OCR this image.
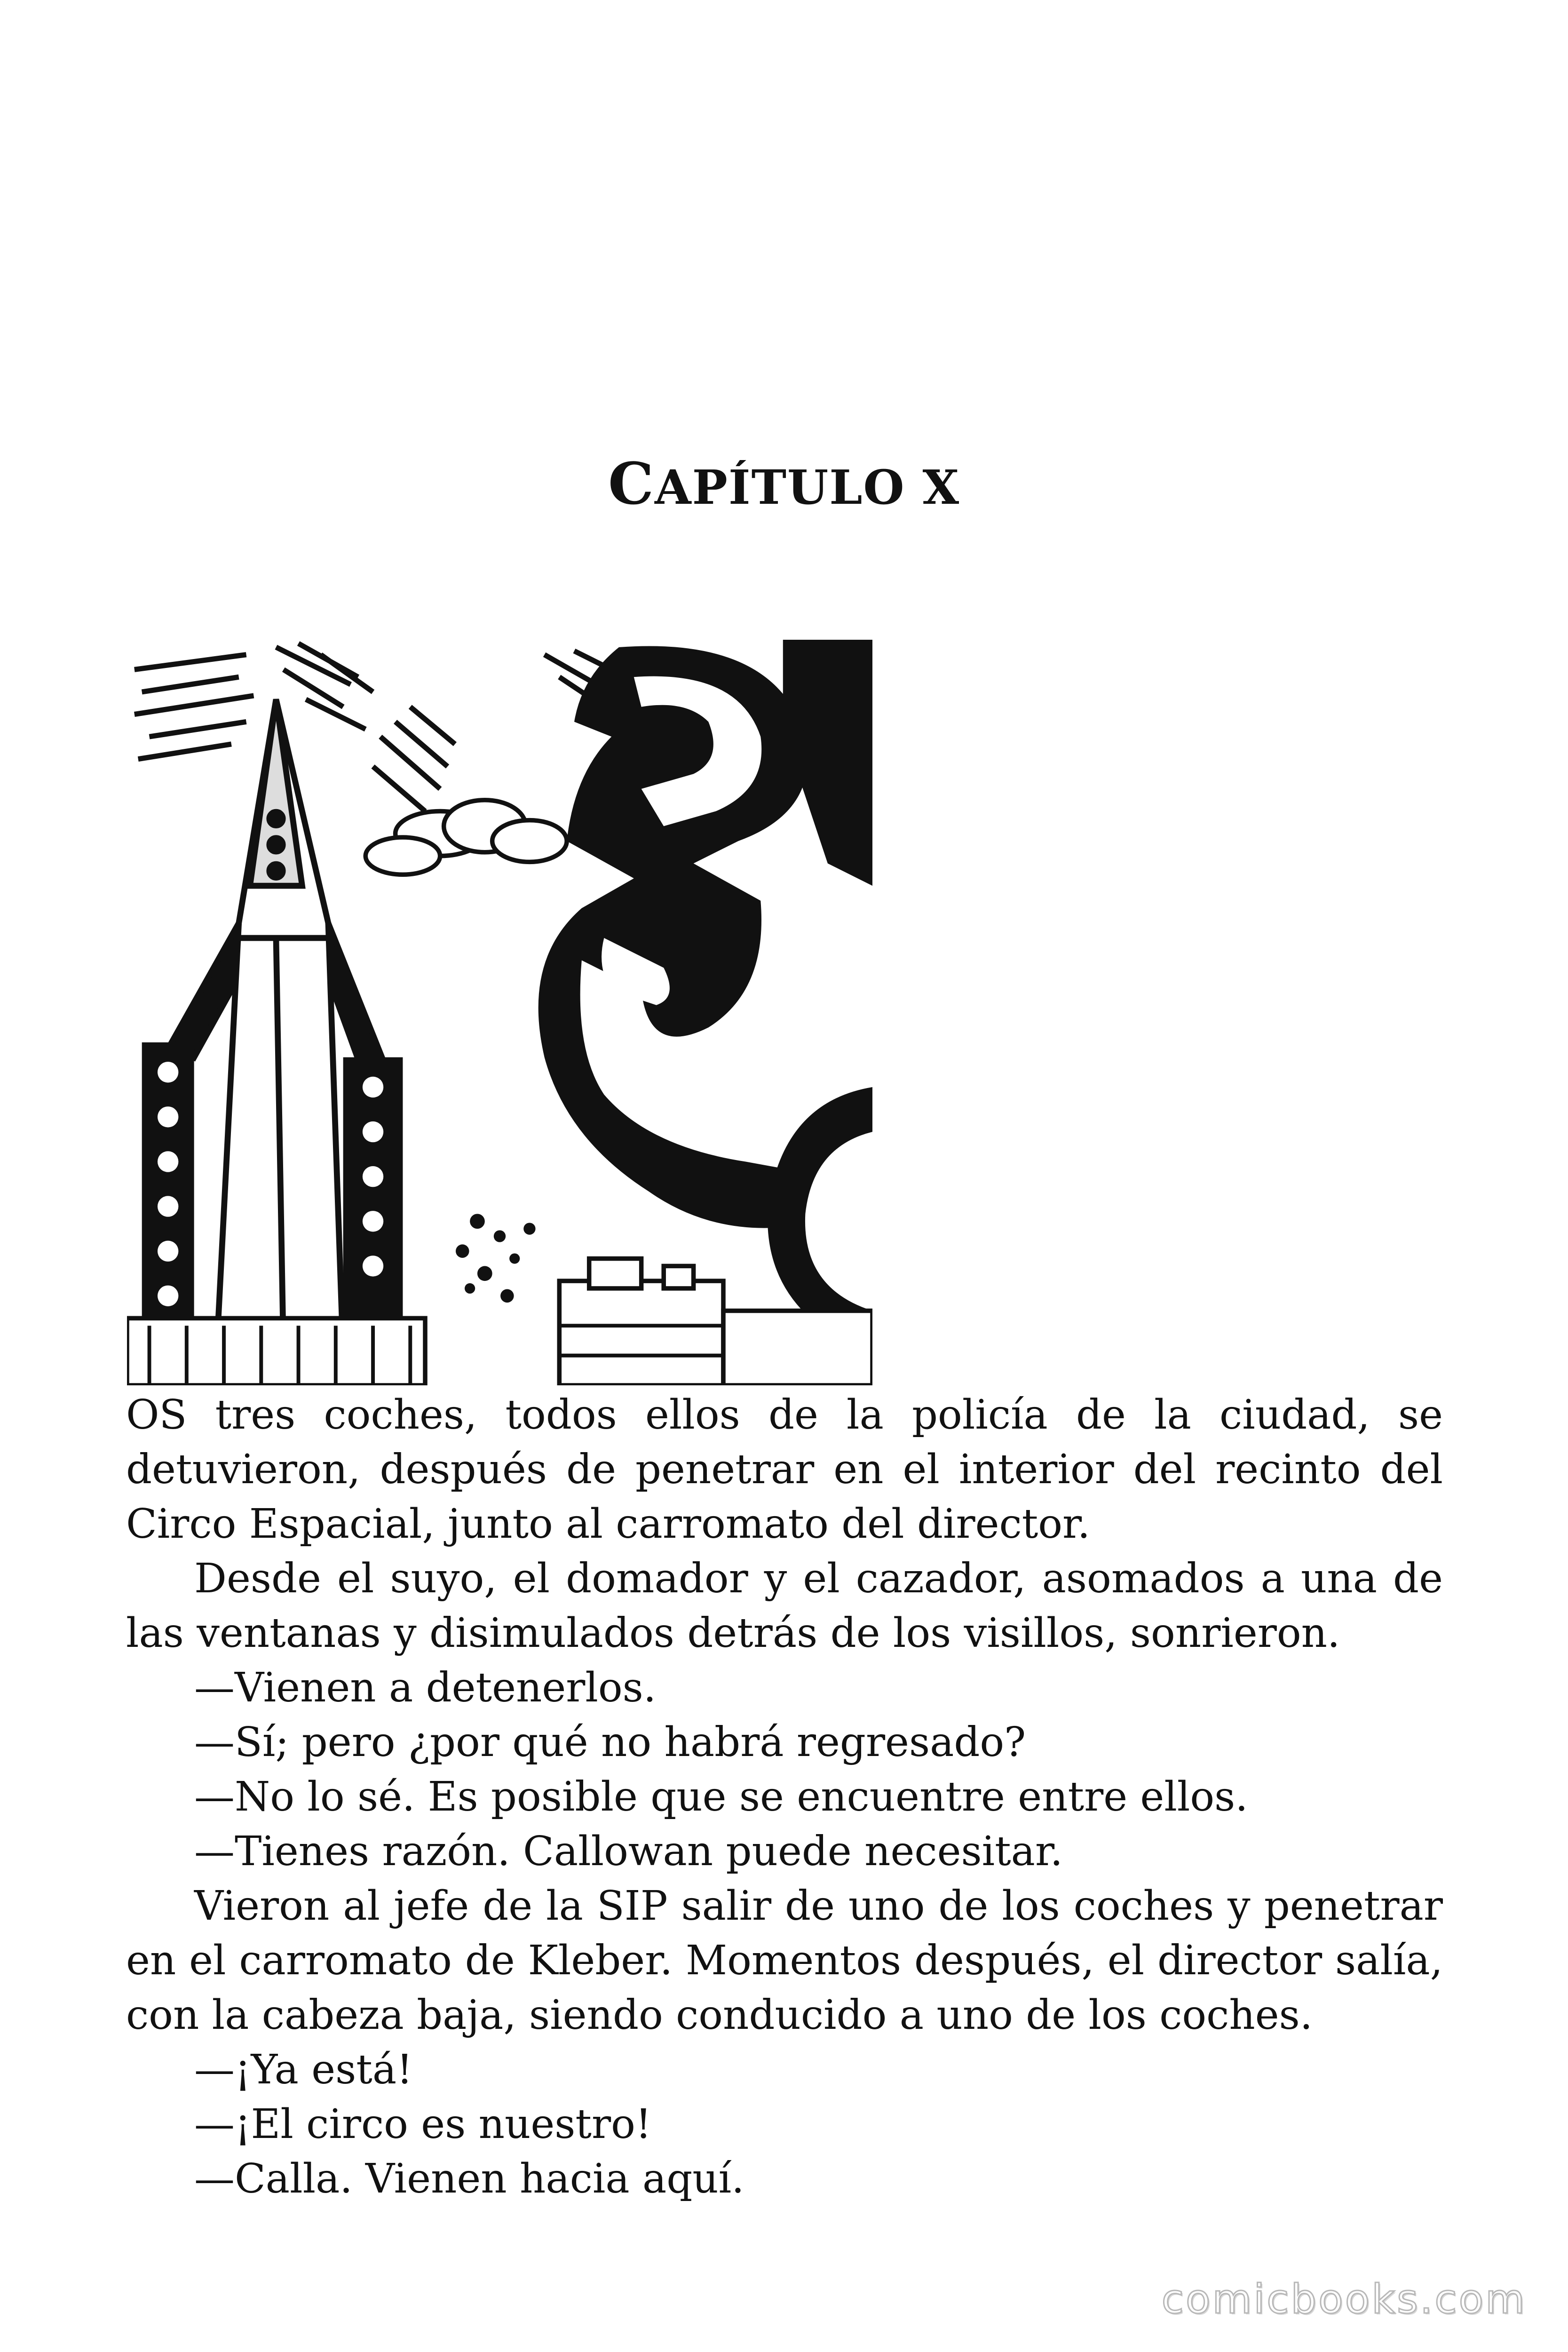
CAPÍTULO X

OS tres coches, todos ellos de la policía de la ciudad, se detuvieron, después de penetrar en el interior del recinto del Circo Espacial, junto al carromato del director.

Desde el suyo, el domador y el cazador, asomados a una de las ventanas y disimulados detrás de los visillos, sonrieron.

—Vienen a detenerlos.

—Sí; pero ¿por qué no habrá regresado?

—No lo sé. Es posible que se encuentre entre ellos.

—Tienes razón. Callowan puede necesitar.

Vieron al jefe de la SIP salir de uno de los coches y penetrar en el carromato de Kleber. Momentos después, el director salía, con la cabeza baja, siendo conducido a uno de los coches.

—¡Ya está!

—¡El circo es nuestro!

—Calla. Vienen hacia aquí.

comicbooks.com
